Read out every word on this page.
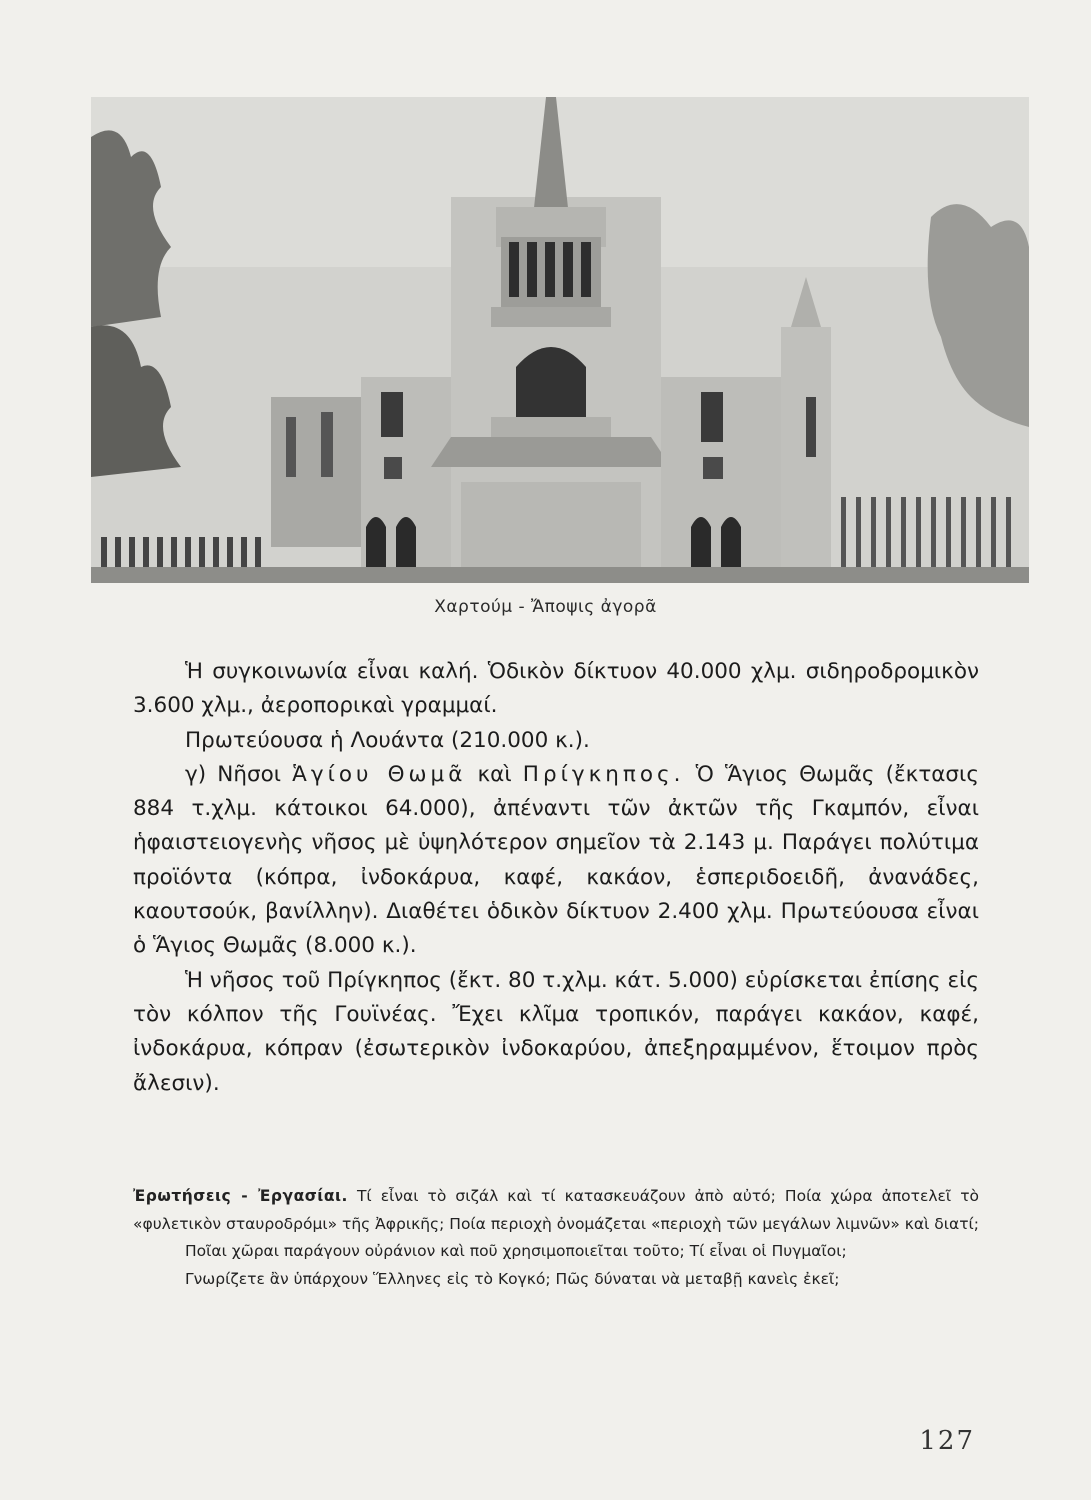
Χαρτούμ - Ἄποψις ἀγορᾶ

Ἡ συγκοινωνία εἶναι καλή. Ὁδικὸν δίκτυον 40.000 χλμ. σιδηροδρομικὸν 3.600 χλμ., ἀεροπορικαὶ γραμμαί.

Πρωτεύουσα ἡ Λουάντα (210.000 κ.).

γ) Νῆσοι Ἁγίου Θωμᾶ καὶ Πρίγκηπος. Ὁ Ἅγιος Θωμᾶς (ἔκτασις 884 τ.χλμ. κάτοικοι 64.000), ἀπέναντι τῶν ἀκτῶν τῆς Γκαμπόν, εἶναι ἡφαιστειογενὴς νῆσος μὲ ὑψηλότερον σημεῖον τὰ 2.143 μ. Παράγει πολύτιμα προϊόντα (κόπρα, ἰνδοκάρυα, καφέ, κακάον, ἑσπεριδοειδῆ, ἀνανάδες, καουτσούκ, βανίλλην). Διαθέτει ὁδικὸν δίκτυον 2.400 χλμ. Πρωτεύουσα εἶναι ὁ Ἅγιος Θωμᾶς (8.000 κ.).

Ἡ νῆσος τοῦ Πρίγκηπος (ἔκτ. 80 τ.χλμ. κάτ. 5.000) εὑρίσκεται ἐπίσης εἰς τὸν κόλπον τῆς Γουϊνέας. Ἔχει κλῖμα τροπικόν, παράγει κακάον, καφέ, ἰνδοκάρυα, κόπραν (ἐσωτερικὸν ἰνδοκαρύου, ἀπεξηραμμένον, ἕτοιμον πρὸς ἄλεσιν).

Ἐρωτήσεις - Ἐργασίαι. Τί εἶναι τὸ σιζάλ καὶ τί κατασκευάζουν ἀπὸ αὐτό; Ποία χώρα ἀποτελεῖ τὸ «φυλετικὸν σταυροδρόμι» τῆς Ἀφρικῆς; Ποία περιοχὴ ὀνομάζεται «περιοχὴ τῶν μεγάλων λιμνῶν» καὶ διατί;

Ποῖαι χῶραι παράγουν οὐράνιον καὶ ποῦ χρησιμοποιεῖται τοῦτο; Τί εἶναι οἱ Πυγμαῖοι;

Γνωρίζετε ἂν ὑπάρχουν Ἕλληνες εἰς τὸ Κογκό; Πῶς δύναται νὰ μεταβῇ κανεὶς ἐκεῖ;

127
